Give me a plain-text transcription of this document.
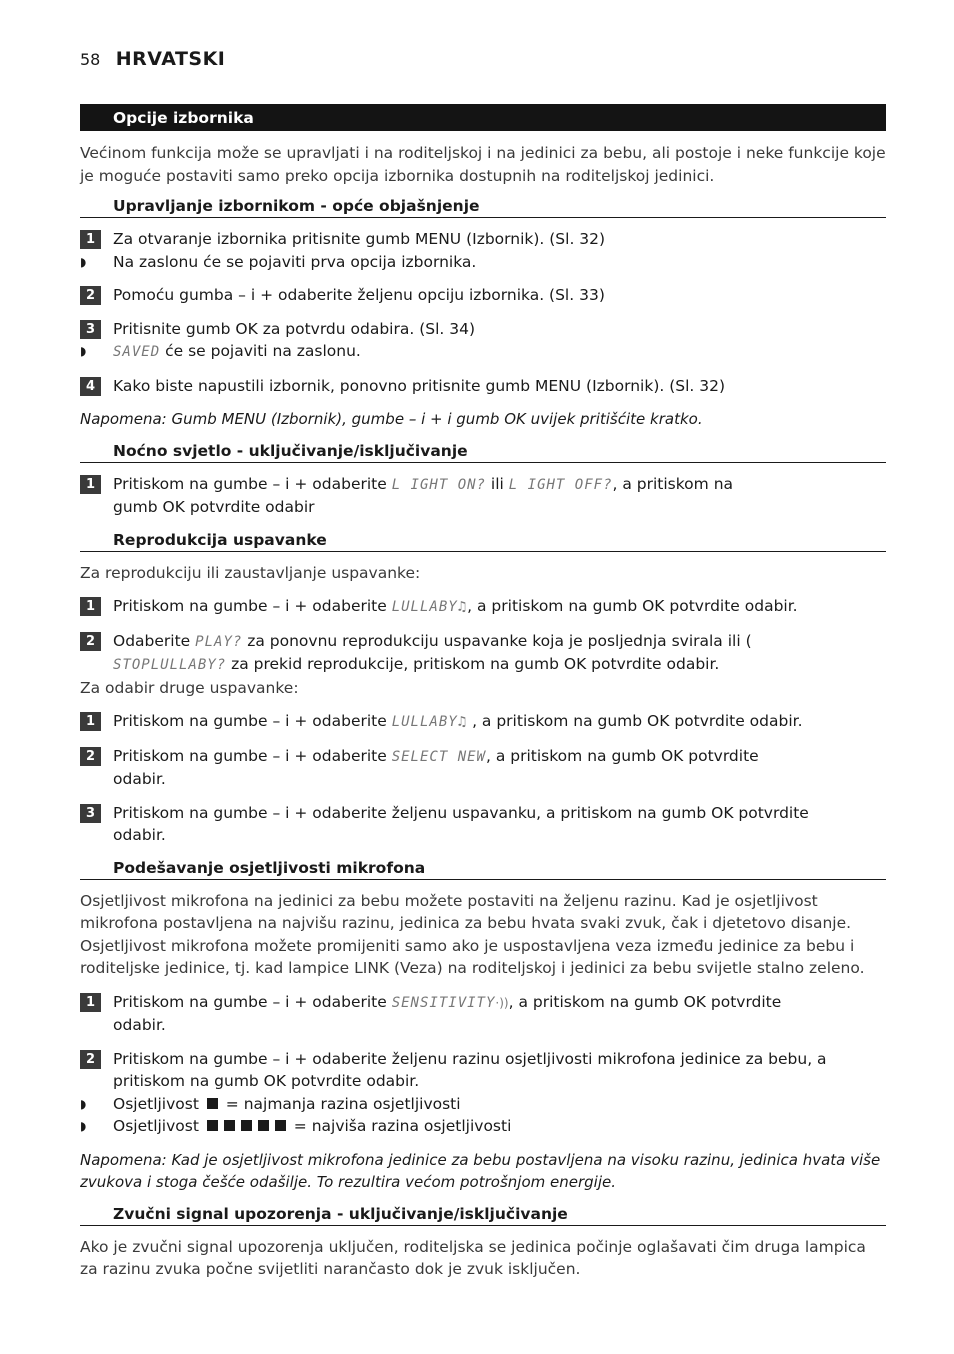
58 HRVATSKI
Opcije izbornika

Većinom funkcija može se upravljati i na roditeljskoj i na jedinici za bebu, ali postoje i neke funkcije koje je moguće postaviti samo preko opcija izbornika dostupnih na roditeljskoj jedinici.

Upravljanje izbornikom - opće objašnjenje
1	Za otvaranje izbornika pritisnite gumb MENU (Izbornik). (Sl. 32)
◗ Na zaslonu će se pojaviti prva opcija izbornika.
2	Pomoću gumba – i + odaberite željenu opciju izbornika. (Sl. 33)
3	Pritisnite gumb OK za potvrdu odabira. (Sl. 34)
◗ SAVED će se pojaviti na zaslonu.
4	Kako biste napustili izbornik, ponovno pritisnite gumb MENU (Izbornik). (Sl. 32)

Napomena: Gumb MENU (Izbornik), gumbe – i + i gumb OK uvijek pritišćite kratko.

Noćno svjetlo - uključivanje/isključivanje
1	Pritiskom na gumbe – i + odaberite L IGHT ON? ili L IGHT OFF?, a pritiskom na
gumb OK potvrdite odabir
Reprodukcija uspavanke

Za reprodukciju ili zaustavljanje uspavanke:

1	Pritiskom na gumbe – i + odaberite LULLABY♫, a pritiskom na gumb OK potvrdite odabir.
2	Odaberite PLAY? za ponovnu reprodukciju uspavanke koja je posljednja svirala ili (
STOPLULLABY? za prekid reprodukcije, pritiskom na gumb OK potvrdite odabir.

Za odabir druge uspavanke:

1	Pritiskom na gumbe – i + odaberite LULLABY♫ , a pritiskom na gumb OK potvrdite odabir.
2	Pritiskom na gumbe – i + odaberite SELECT NEW, a pritiskom na gumb OK potvrdite
odabir.
3	Pritiskom na gumbe – i + odaberite željenu uspavanku, a pritiskom na gumb OK potvrdite
odabir.
Podešavanje osjetljivosti mikrofona

Osjetljivost mikrofona na jedinici za bebu možete postaviti na željenu razinu. Kad je osjetljivost mikrofona postavljena na najvišu razinu, jedinica za bebu hvata svaki zvuk, čak i djetetovo disanje. Osjetljivost mikrofona možete promijeniti samo ako je uspostavljena veza između jedinice za bebu i roditeljske jedinice, tj. kad lampice LINK (Veza) na roditeljskoj i jedinici za bebu svijetle stalno zeleno.

1	Pritiskom na gumbe – i + odaberite SENSITIVITY·)), a pritiskom na gumb OK potvrdite
odabir.
2	Pritiskom na gumbe – i + odaberite željenu razinu osjetljivosti mikrofona jedinice za bebu, a
pritiskom na gumb OK potvrdite odabir.
◗ Osjetljivost  = najmanja razina osjetljivosti
◗ Osjetljivost	= najviša razina osjetljivosti

Napomena: Kad je osjetljivost mikrofona jedinice za bebu postavljena na visoku razinu, jedinica hvata više zvukova i stoga češće odašilje. To rezultira većom potrošnjom energije.

Zvučni signal upozorenja - uključivanje/isključivanje

Ako je zvučni signal upozorenja uključen, roditeljska se jedinica počinje oglašavati čim druga lampica za razinu zvuka počne svijetliti narančasto dok je zvuk isključen.
